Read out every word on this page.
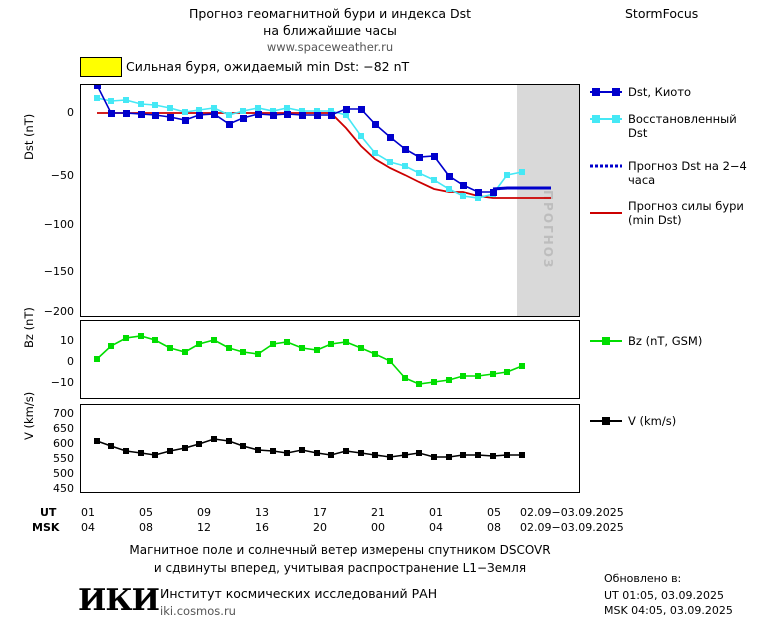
Прогноз геомагнитной бури и индекса Dst
на ближайшие часы
www.spaceweather.ru
StormFocus
Сильная буря, ожидаемый min Dst: −82 nT
ПРОГНОЗ
Dst (nT)
0
−50
−100
−150
−200
Bz (nT)	10
0
−10
V (km/s)	700
650
600
550
500
450
UT
MSK
01	05	09	13	17	21	01	05
04	08	12	16	20	00	04	08
02.09−03.09.2025
02.09−03.09.2025
Dst, Киото
Восстановленный Dst
Прогноз Dst на 2−4 часа
Прогноз силы бури (min Dst)
Bz (nT, GSM)
V (km/s)
Магнитное поле и солнечный ветер измерены спутником DSCOVR
и сдвинуты вперед, учитывая распространение L1−Земля
Обновлено в:
UT 01:05, 03.09.2025
MSK 04:05, 03.09.2025
ИКИ Институт космических исследований РАН
iki.cosmos.ru
